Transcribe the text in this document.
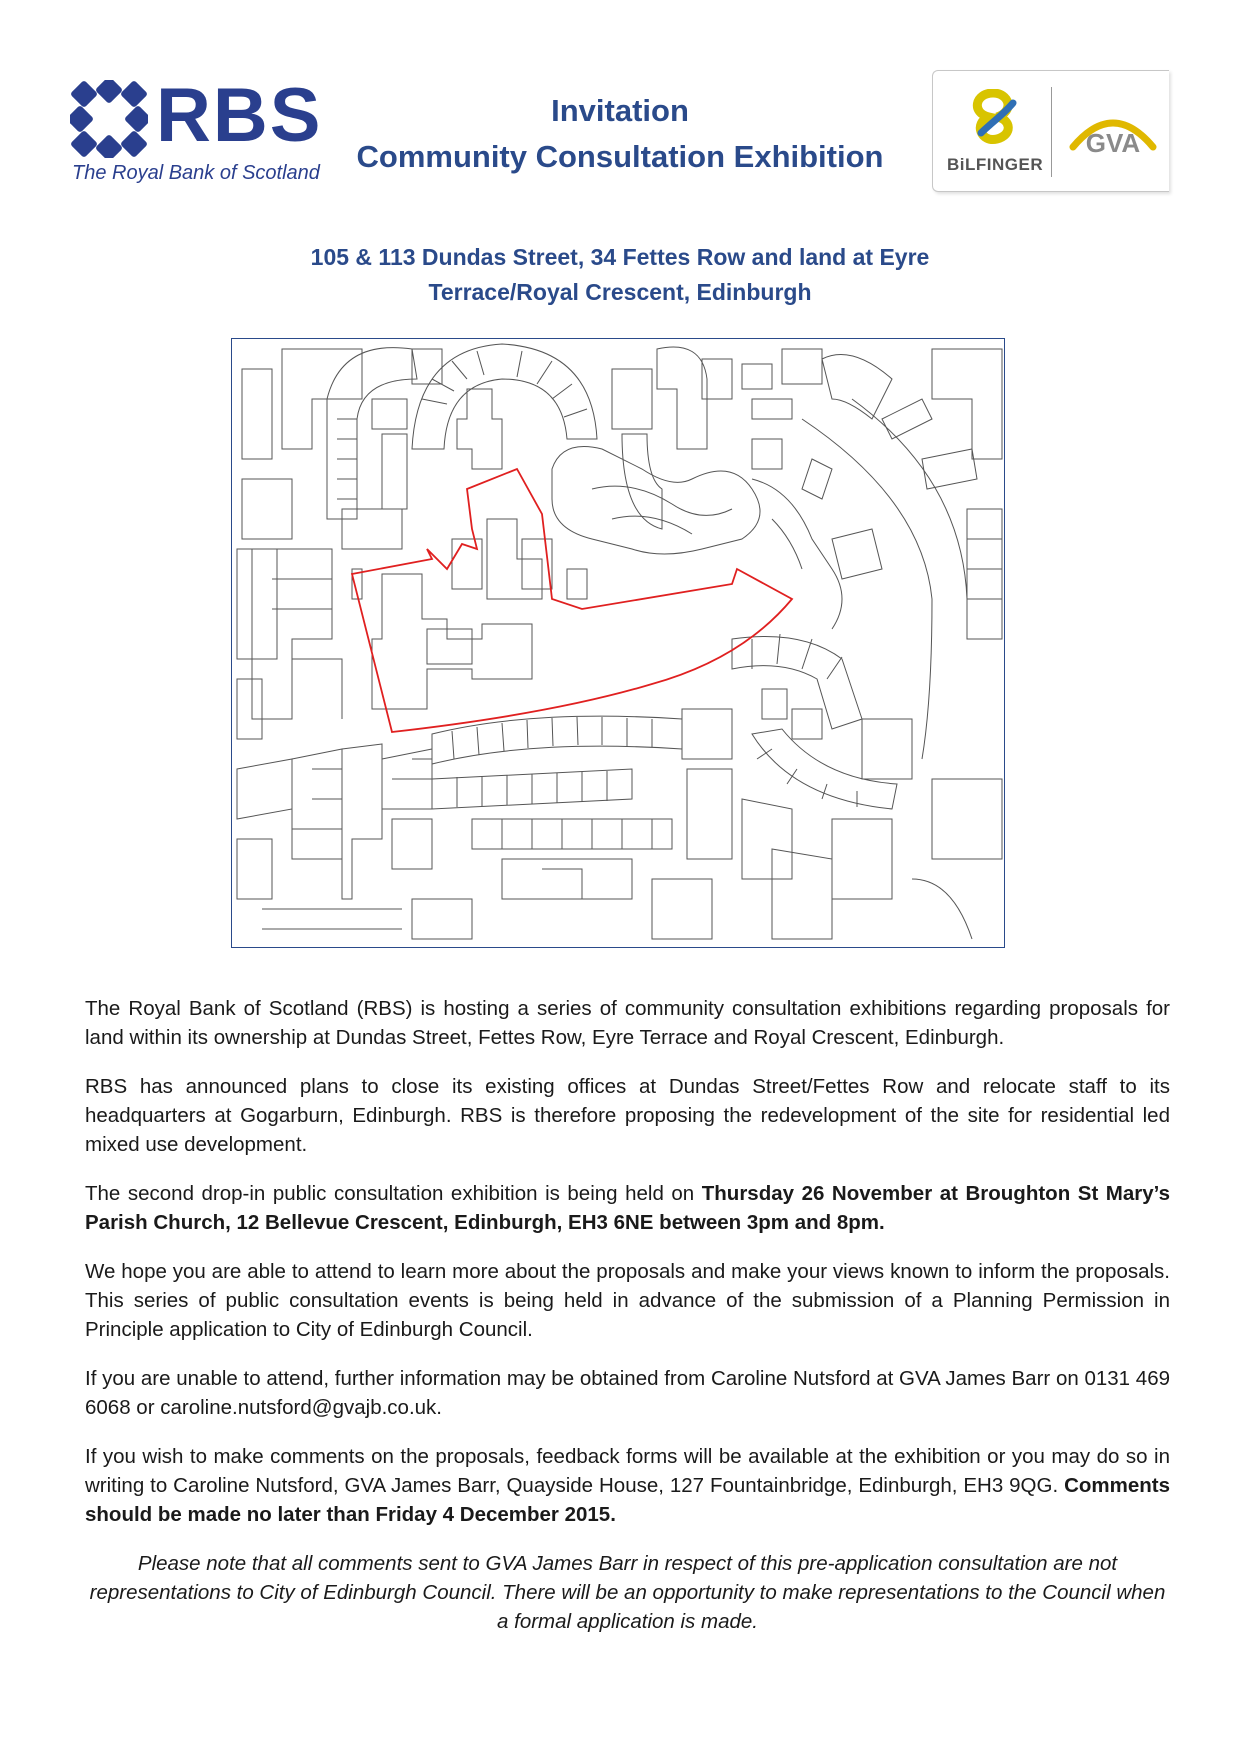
RBS
The Royal Bank of Scotland
Invitation
Community Consultation Exhibition	BiLFINGER
GVA
105 & 113 Dundas Street, 34 Fettes Row and land at Eyre
Terrace/Royal Crescent, Edinburgh

The Royal Bank of Scotland (RBS) is hosting a series of community consultation exhibitions regarding proposals for land within its ownership at Dundas Street, Fettes Row, Eyre Terrace and Royal Crescent, Edinburgh.

RBS has announced plans to close its existing offices at Dundas Street/Fettes Row and relocate staff to its headquarters at Gogarburn, Edinburgh. RBS is therefore proposing the redevelopment of the site for residential led mixed use development.

The second drop-in public consultation exhibition is being held on Thursday 26 November at Broughton St Mary’s Parish Church, 12 Bellevue Crescent, Edinburgh, EH3 6NE between 3pm and 8pm.

We hope you are able to attend to learn more about the proposals and make your views known to inform the proposals. This series of public consultation events is being held in advance of the submission of a Planning Permission in Principle application to City of Edinburgh Council.

If you are unable to attend, further information may be obtained from Caroline Nutsford at GVA James Barr on 0131 469 6068 or caroline.nutsford@gvajb.co.uk.

If you wish to make comments on the proposals, feedback forms will be available at the exhibition or you may do so in writing to Caroline Nutsford, GVA James Barr, Quayside House, 127 Fountainbridge, Edinburgh, EH3 9QG. Comments should be made no later than Friday 4 December 2015.

Please note that all comments sent to GVA James Barr in respect of this pre-application consultation are not representations to City of Edinburgh Council. There will be an opportunity to make representations to the Council when a formal application is made.
